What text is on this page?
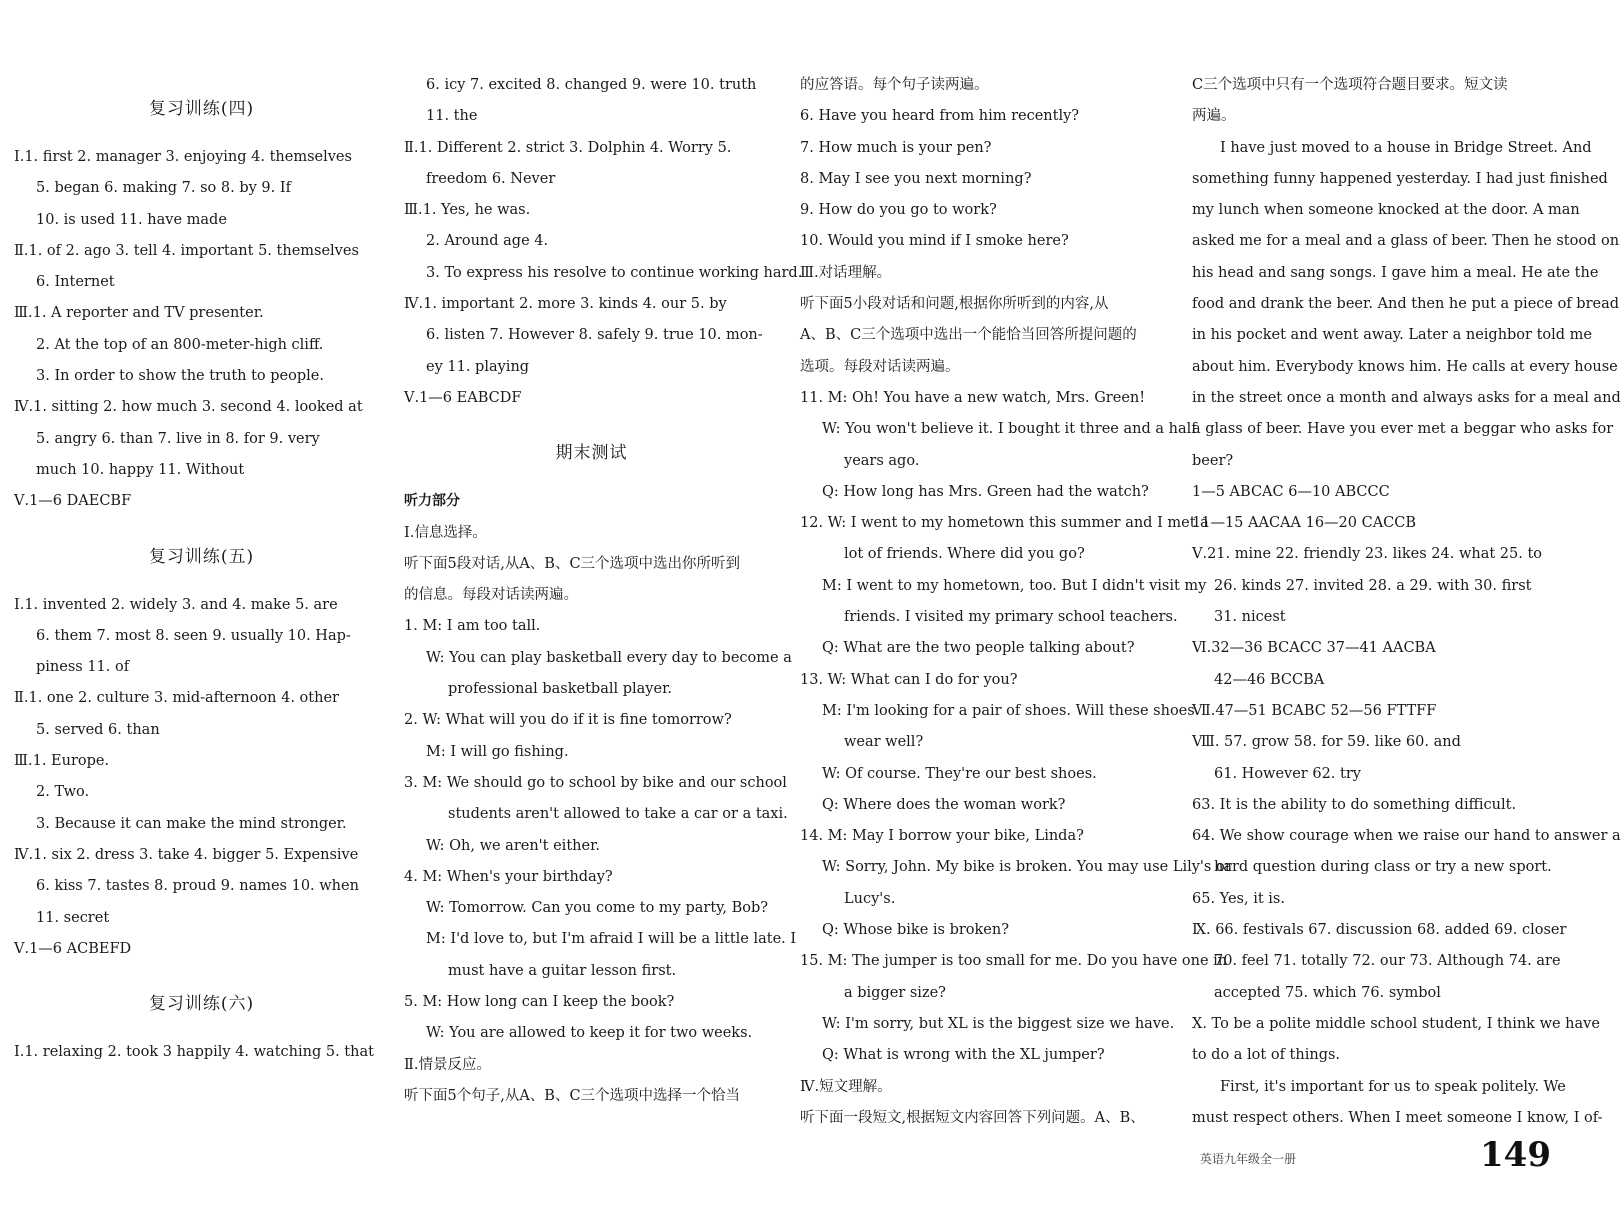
复习训练(四)
Ⅰ.1. first 2. manager 3. enjoying 4. themselves
5. began 6. making 7. so 8. by 9. If
10. is used 11. have made
Ⅱ.1. of 2. ago 3. tell 4. important 5. themselves
6. Internet
Ⅲ.1. A reporter and TV presenter.
2. At the top of an 800-meter-high cliff.
3. In order to show the truth to people.
Ⅳ.1. sitting 2. how much 3. second 4. looked at
5. angry 6. than 7. live in 8. for 9. very
much 10. happy 11. Without
Ⅴ.1—6 DAECBF
复习训练(五)
Ⅰ.1. invented 2. widely 3. and 4. make 5. are
6. them 7. most 8. seen 9. usually 10. Hap-
piness 11. of
Ⅱ.1. one 2. culture 3. mid-afternoon 4. other
5. served 6. than
Ⅲ.1. Europe.
2. Two.
3. Because it can make the mind stronger.
Ⅳ.1. six 2. dress 3. take 4. bigger 5. Expensive
6. kiss 7. tastes 8. proud 9. names 10. when
11. secret
Ⅴ.1—6 ACBEFD
复习训练(六)
Ⅰ.1. relaxing 2. took 3 happily 4. watching 5. that
6. icy 7. excited 8. changed 9. were 10. truth
11. the
Ⅱ.1. Different 2. strict 3. Dolphin 4. Worry 5.
freedom 6. Never
Ⅲ.1. Yes, he was.
2. Around age 4.
3. To express his resolve to continue working hard.
Ⅳ.1. important 2. more 3. kinds 4. our 5. by
6. listen 7. However 8. safely 9. true 10. mon-
ey 11. playing
Ⅴ.1—6 EABCDF
期末测试
听力部分
Ⅰ.信息选择。
听下面5段对话,从A、B、C三个选项中选出你所听到
的信息。每段对话读两遍。
1. M: I am too tall.
W: You can play basketball every day to become a
professional basketball player.
2. W: What will you do if it is fine tomorrow?
M: I will go fishing.
3. M: We should go to school by bike and our school
students aren't allowed to take a car or a taxi.
W: Oh, we aren't either.
4. M: When's your birthday?
W: Tomorrow. Can you come to my party, Bob?
M: I'd love to, but I'm afraid I will be a little late. I
must have a guitar lesson first.
5. M: How long can I keep the book?
W: You are allowed to keep it for two weeks.
Ⅱ.情景反应。
听下面5个句子,从A、B、C三个选项中选择一个恰当
的应答语。每个句子读两遍。
6. Have you heard from him recently?
7. How much is your pen?
8. May I see you next morning?
9. How do you go to work?
10. Would you mind if I smoke here?
Ⅲ.对话理解。
听下面5小段对话和问题,根据你所听到的内容,从
A、B、C三个选项中选出一个能恰当回答所提问题的
选项。每段对话读两遍。
11. M: Oh! You have a new watch, Mrs. Green!
W: You won't believe it. I bought it three and a half
years ago.
Q: How long has Mrs. Green had the watch?
12. W: I went to my hometown this summer and I met a
lot of friends. Where did you go?
M: I went to my hometown, too. But I didn't visit my
friends. I visited my primary school teachers.
Q: What are the two people talking about?
13. W: What can I do for you?
M: I'm looking for a pair of shoes. Will these shoes
wear well?
W: Of course. They're our best shoes.
Q: Where does the woman work?
14. M: May I borrow your bike, Linda?
W: Sorry, John. My bike is broken. You may use Lily's or
Lucy's.
Q: Whose bike is broken?
15. M: The jumper is too small for me. Do you have one in
a bigger size?
W: I'm sorry, but XL is the biggest size we have.
Q: What is wrong with the XL jumper?
Ⅳ.短文理解。
听下面一段短文,根据短文内容回答下列问题。A、B、
C三个选项中只有一个选项符合题目要求。短文读
两遍。
I have just moved to a house in Bridge Street. And
something funny happened yesterday. I had just finished
my lunch when someone knocked at the door. A man
asked me for a meal and a glass of beer. Then he stood on
his head and sang songs. I gave him a meal. He ate the
food and drank the beer. And then he put a piece of bread
in his pocket and went away. Later a neighbor told me
about him. Everybody knows him. He calls at every house
in the street once a month and always asks for a meal and
a glass of beer. Have you ever met a beggar who asks for
beer?
1—5 ABCAC 6—10 ABCCC
11—15 AACAA 16—20 CACCB
Ⅴ.21. mine 22. friendly 23. likes 24. what 25. to
26. kinds 27. invited 28. a 29. with 30. first
31. nicest
Ⅵ.32—36 BCACC 37—41 AACBA
42—46 BCCBA
Ⅶ.47—51 BCABC 52—56 FTTFF
Ⅷ. 57. grow 58. for 59. like 60. and
61. However 62. try
63. It is the ability to do something difficult.
64. We show courage when we raise our hand to answer a
hard question during class or try a new sport.
65. Yes, it is.
Ⅸ. 66. festivals 67. discussion 68. added 69. closer
70. feel 71. totally 72. our 73. Although 74. are
accepted 75. which 76. symbol
Ⅹ. To be a polite middle school student, I think we have
to do a lot of things.
First, it's important for us to speak politely. We
must respect others. When I meet someone I know, I of-
英语九年级全一册	149
